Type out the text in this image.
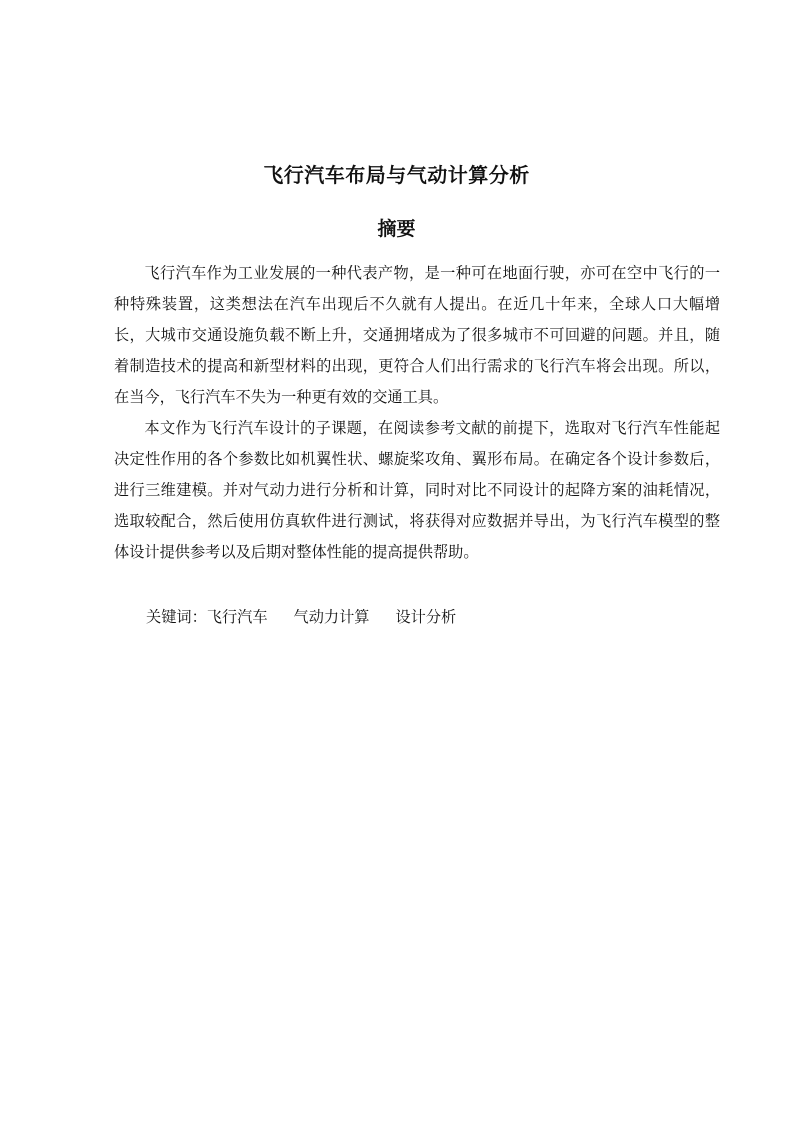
飞行汽车布局与气动计算分析
摘要

飞行汽车作为工业发展的一种代表产物，是一种可在地面行驶，亦可在空中飞行的一种特殊装置，这类想法在汽车出现后不久就有人提出。在近几十年来，全球人口大幅增长，大城市交通设施负载不断上升，交通拥堵成为了很多城市不可回避的问题。并且，随着制造技术的提高和新型材料的出现，更符合人们出行需求的飞行汽车将会出现。所以，在当今，飞行汽车不失为一种更有效的交通工具。

本文作为飞行汽车设计的子课题，在阅读参考文献的前提下，选取对飞行汽车性能起决定性作用的各个参数比如机翼性状、螺旋桨攻角、翼形布局。在确定各个设计参数后，进行三维建模。并对气动力进行分析和计算，同时对比不同设计的起降方案的油耗情况，选取较配合，然后使用仿真软件进行测试，将获得对应数据并导出，为飞行汽车模型的整体设计提供参考以及后期对整体性能的提高提供帮助。

关键词：飞行汽车 气动力计算 设计分析
